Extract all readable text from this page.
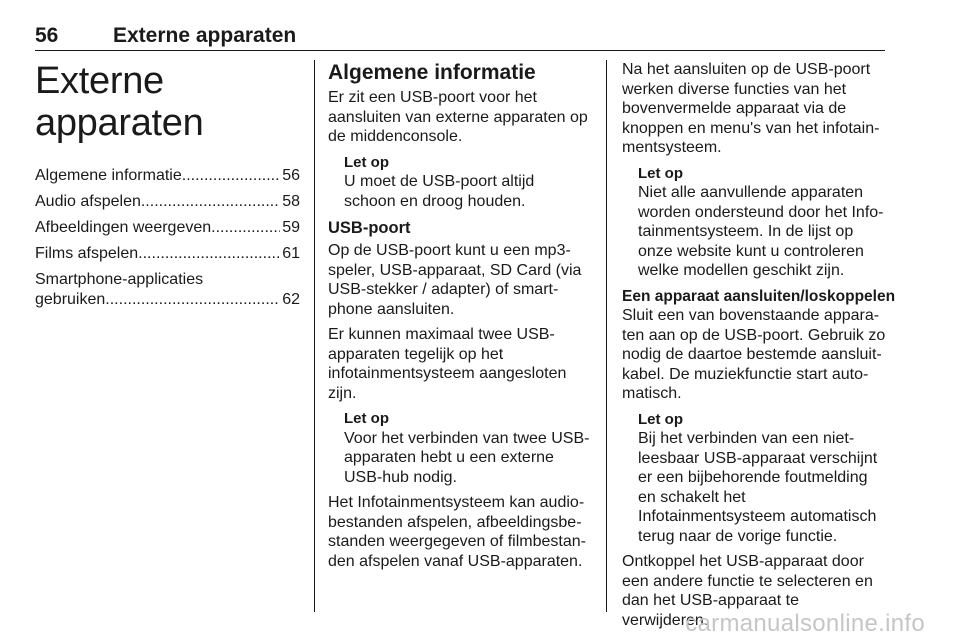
56	Externe apparaten
Externe apparaten
Algemene informatie .....	56
Audio afspelen .....	58
Afbeeldingen weergeven .....	59
Films afspelen .....	61
Smartphone-applicaties
gebruiken .....	62
Algemene informatie

Er zit een USB-poort voor het aansluiten van externe apparaten op de middenconsole.

Let op
U moet de USB-poort altijd schoon en droog houden.
USB-poort

Op de USB-poort kunt u een mp3-speler, USB-apparaat, SD Card (via USB-stekker / adapter) of smartphone aansluiten.

Er kunnen maximaal twee USB-apparaten tegelijk op het infotainmentsysteem aangesloten zijn.

Let op
Voor het verbinden van twee USB-apparaten hebt u een externe USB-hub nodig.

Het Infotainmentsysteem kan audiobestanden afspelen, afbeeldingsbestanden weergegeven of filmbestanden afspelen vanaf USB-apparaten.

Na het aansluiten op de USB-poort werken diverse functies van het bovenvermelde apparaat via de knoppen en menu's van het infotainmentsysteem.

Let op
Niet alle aanvullende apparaten worden ondersteund door het Infotainmentsysteem. In de lijst op onze website kunt u controleren welke modellen geschikt zijn.
Een apparaat aansluiten/loskoppelen

Sluit een van bovenstaande apparaten aan op de USB-poort. Gebruik zo nodig de daartoe bestemde aansluitkabel. De muziekfunctie start automatisch.

Let op
Bij het verbinden van een niet-leesbaar USB-apparaat verschijnt er een bijbehorende foutmelding en schakelt het Infotainmentsysteem automatisch terug naar de vorige functie.

Ontkoppel het USB-apparaat door een andere functie te selecteren en dan het USB-apparaat te verwijderen.

carmanualsonline.info
